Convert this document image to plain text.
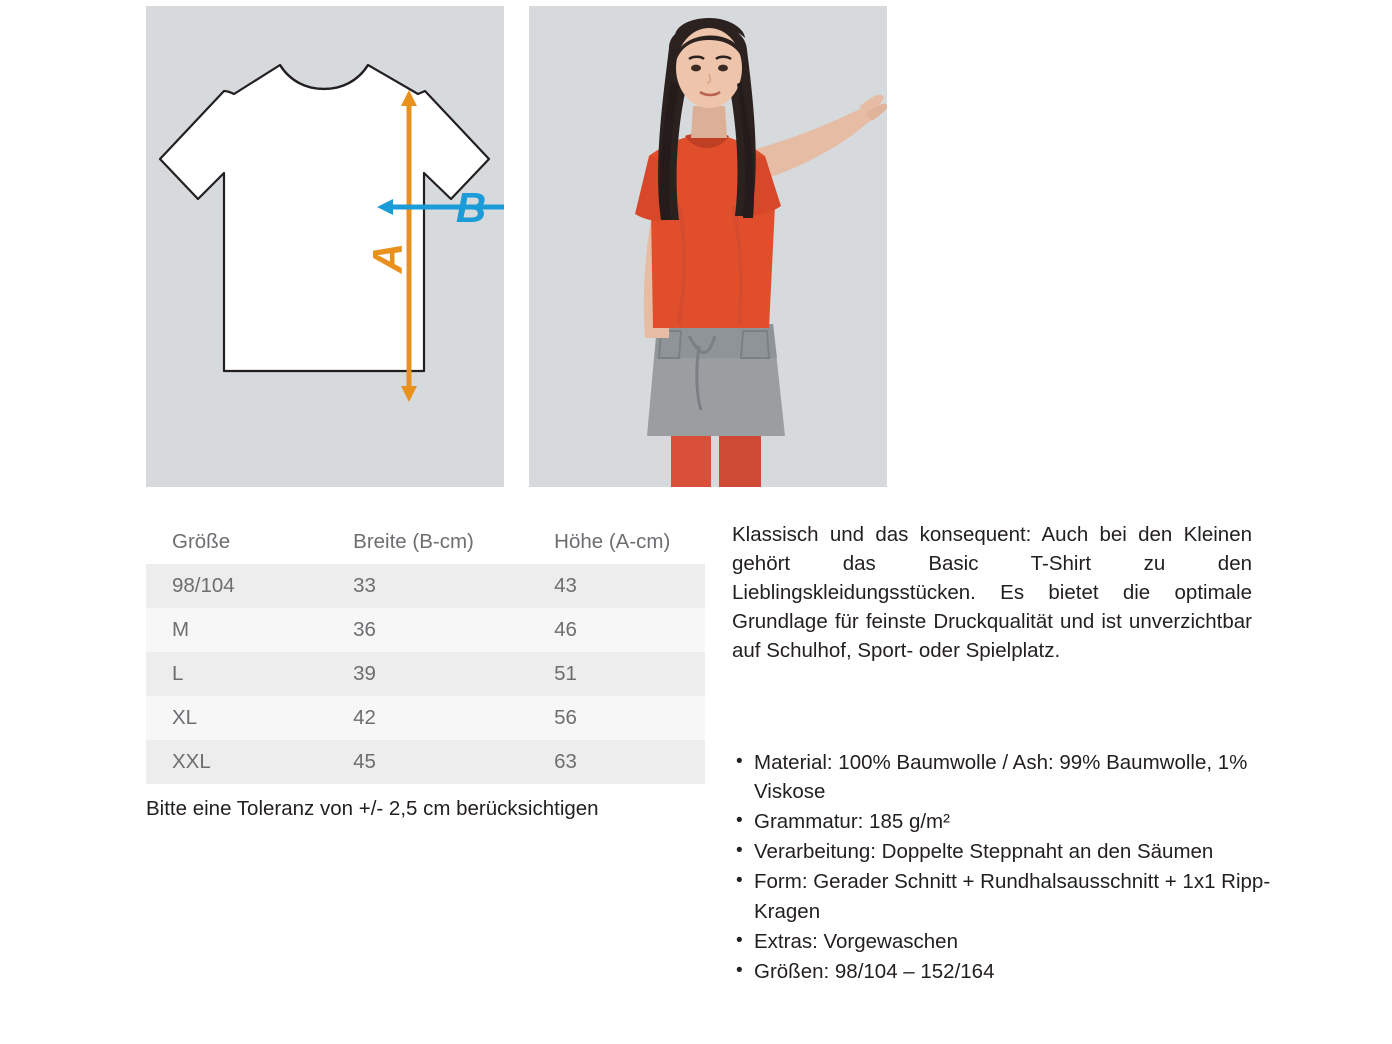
A
B
Größe	Breite (B-cm)	Höhe (A-cm)
98/104	33	43
M	36	46
L	39	51
XL	42	56
XXL	45	63
Bitte eine Toleranz von +/- 2,5 cm berücksichtigen

Klassisch und das konsequent: Auch bei den Kleinen gehört das Basic T-Shirt zu den Lieblingskleidungsstücken. Es bietet die optimale Grundlage für feinste Druckqualität und ist unverzichtbar auf Schulhof, Sport- oder Spielplatz.

• Material: 100% Baumwolle / Ash: 99% Baumwolle, 1% Viskose
• Grammatur: 185 g/m²
• Verarbeitung: Doppelte Steppnaht an den Säumen
• Form: Gerader Schnitt + Rundhalsausschnitt + 1x1 Ripp-Kragen
• Extras: Vorgewaschen
• Größen: 98/104 – 152/164
